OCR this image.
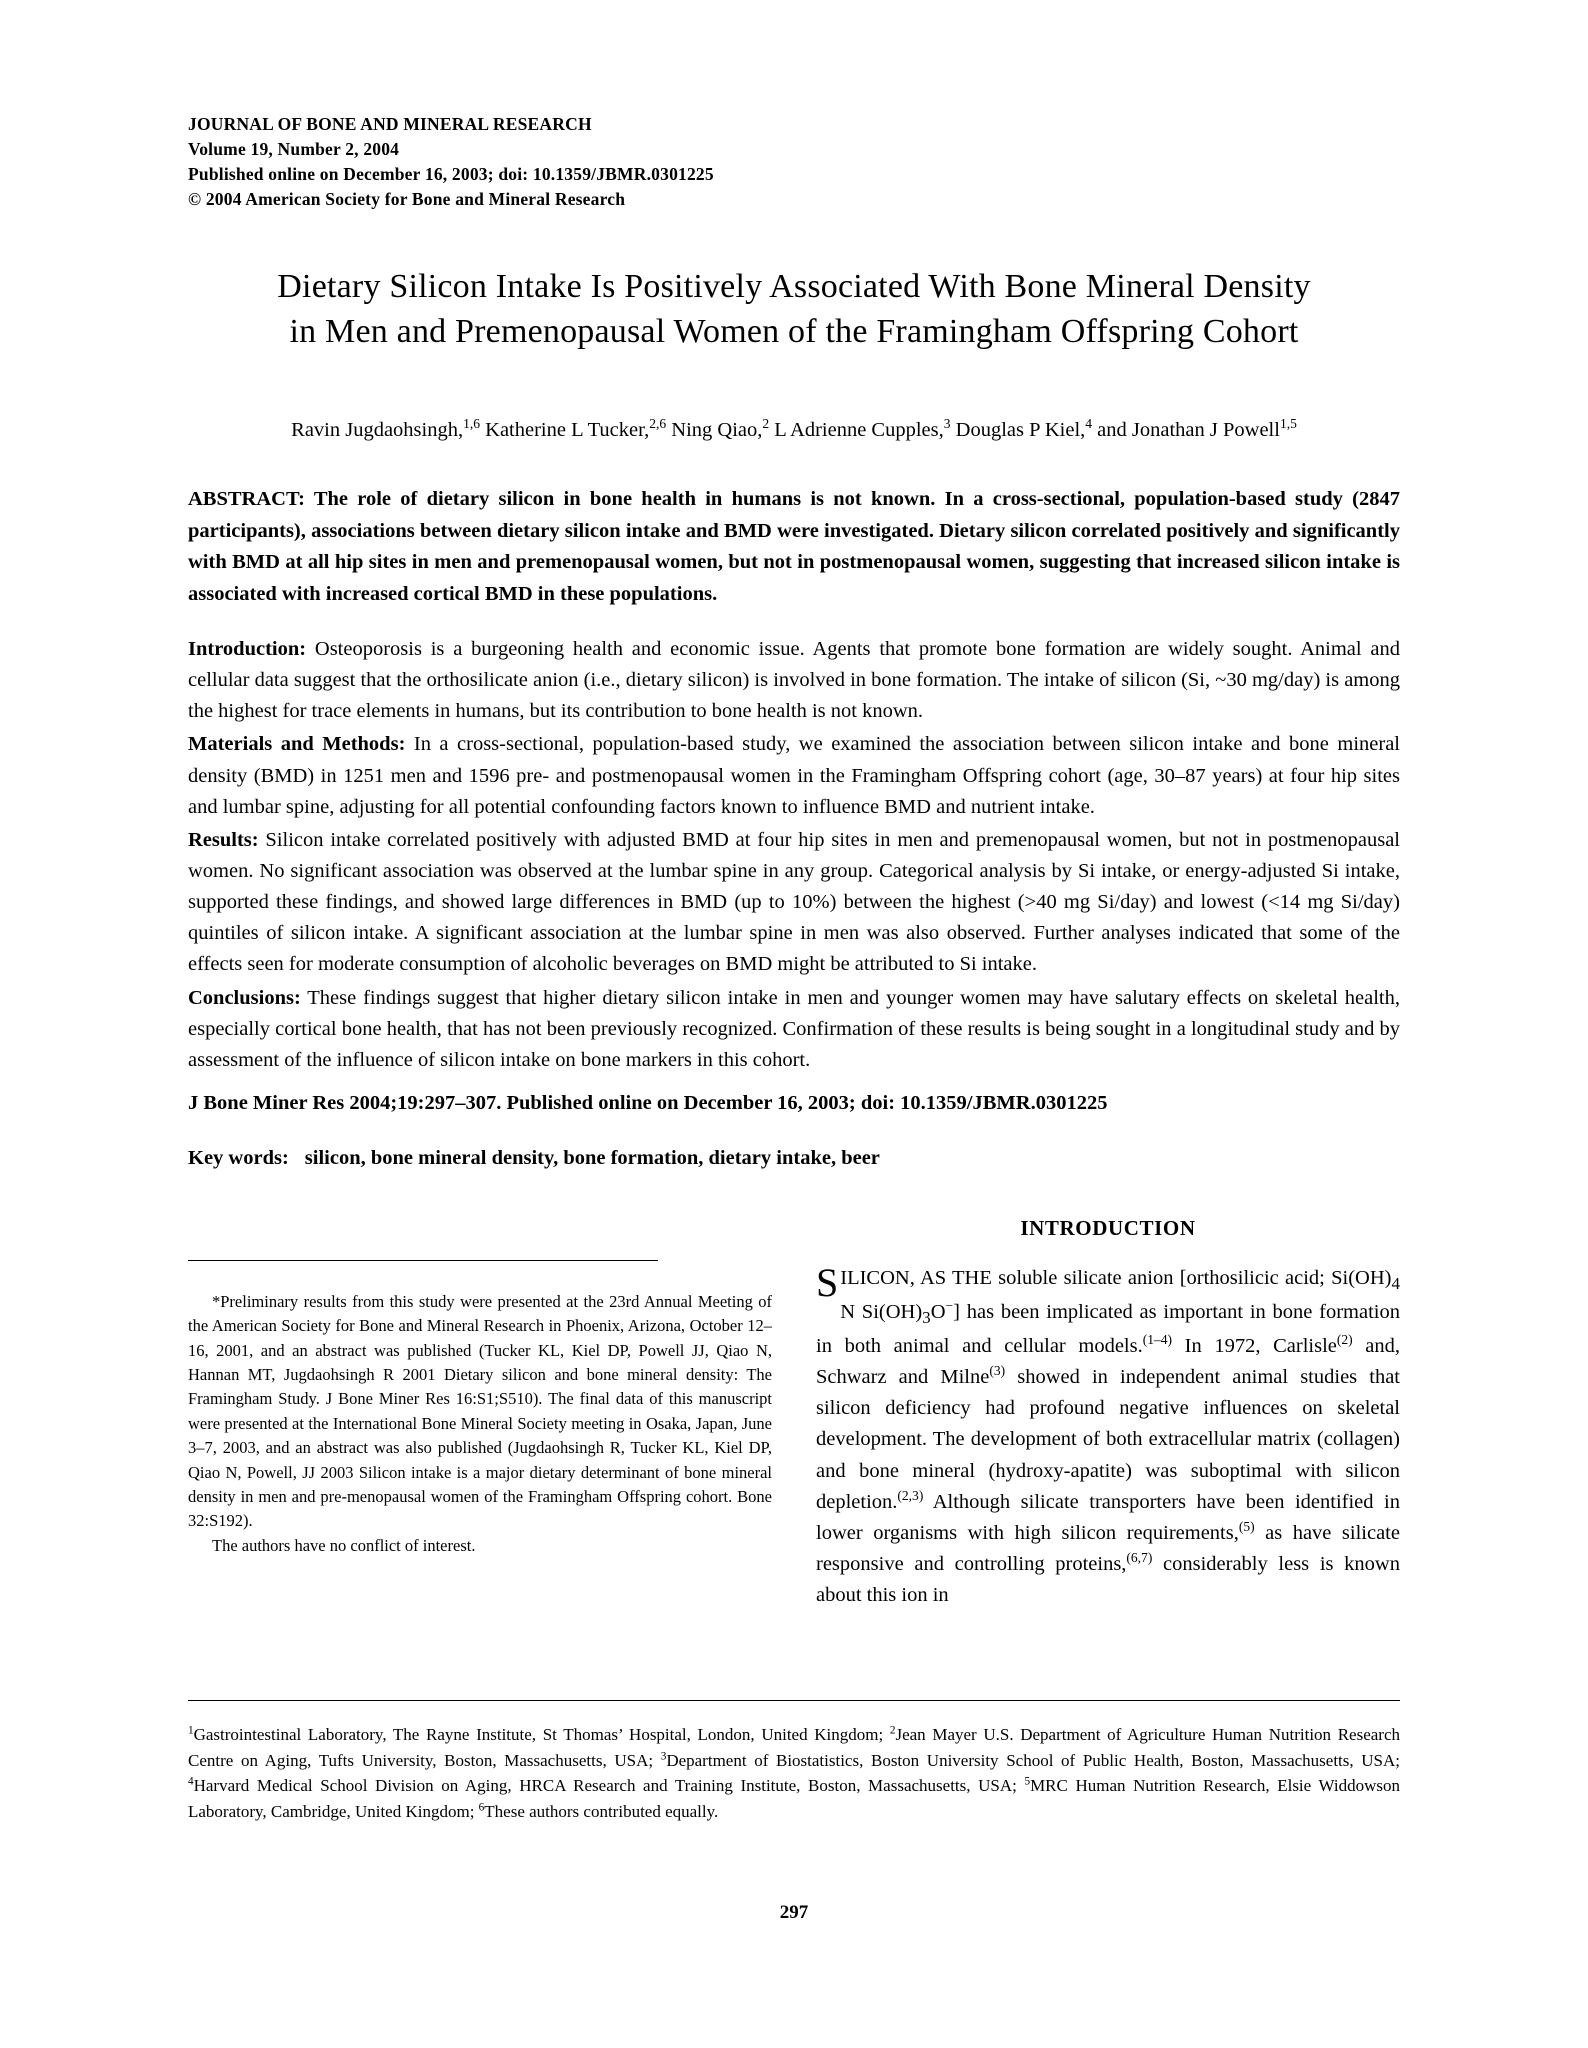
JOURNAL OF BONE AND MINERAL RESEARCH
Volume 19, Number 2, 2004
Published online on December 16, 2003; doi: 10.1359/JBMR.0301225
© 2004 American Society for Bone and Mineral Research
Dietary Silicon Intake Is Positively Associated With Bone Mineral Density
in Men and Premenopausal Women of the Framingham Offspring Cohort
Ravin Jugdaohsingh,$^{1,6}$ Katherine L Tucker,$^{2,6}$ Ning Qiao,$^2$ L Adrienne Cupples,$^3$ Douglas P Kiel,$^4$ and Jonathan J Powell$^{1,5}$
ABSTRACT: The role of dietary silicon in bone health in humans is not known. In a cross-sectional, population-based study (2847 participants), associations between dietary silicon intake and BMD were investigated. Dietary silicon correlated positively and significantly with BMD at all hip sites in men and premenopausal women, but not in postmenopausal women, suggesting that increased silicon intake is associated with increased cortical BMD in these populations.

Introduction: Osteoporosis is a burgeoning health and economic issue. Agents that promote bone formation are widely sought. Animal and cellular data suggest that the orthosilicate anion (i.e., dietary silicon) is involved in bone formation. The intake of silicon (Si, ~30 mg/day) is among the highest for trace elements in humans, but its contribution to bone health is not known.

Materials and Methods: In a cross-sectional, population-based study, we examined the association between silicon intake and bone mineral density (BMD) in 1251 men and 1596 pre- and postmenopausal women in the Framingham Offspring cohort (age, 30–87 years) at four hip sites and lumbar spine, adjusting for all potential confounding factors known to influence BMD and nutrient intake.

Results: Silicon intake correlated positively with adjusted BMD at four hip sites in men and premenopausal women, but not in postmenopausal women. No significant association was observed at the lumbar spine in any group. Categorical analysis by Si intake, or energy-adjusted Si intake, supported these findings, and showed large differences in BMD (up to 10%) between the highest (>40 mg Si/day) and lowest (<14 mg Si/day) quintiles of silicon intake. A significant association at the lumbar spine in men was also observed. Further analyses indicated that some of the effects seen for moderate consumption of alcoholic beverages on BMD might be attributed to Si intake.

Conclusions: These findings suggest that higher dietary silicon intake in men and younger women may have salutary effects on skeletal health, especially cortical bone health, that has not been previously recognized. Confirmation of these results is being sought in a longitudinal study and by assessment of the influence of silicon intake on bone markers in this cohort.

J Bone Miner Res 2004;19:297–307. Published online on December 16, 2003; doi: 10.1359/JBMR.0301225
Key words: silicon, bone mineral density, bone formation, dietary intake, beer

*Preliminary results from this study were presented at the 23rd Annual Meeting of the American Society for Bone and Mineral Research in Phoenix, Arizona, October 12–16, 2001, and an abstract was published (Tucker KL, Kiel DP, Powell JJ, Qiao N, Hannan MT, Jugdaohsingh R 2001 Dietary silicon and bone mineral density: The Framingham Study. J Bone Miner Res 16:S1;S510). The final data of this manuscript were presented at the International Bone Mineral Society meeting in Osaka, Japan, June 3–7, 2003, and an abstract was also published (Jugdaohsingh R, Tucker KL, Kiel DP, Qiao N, Powell, JJ 2003 Silicon intake is a major dietary determinant of bone mineral density in men and pre-menopausal women of the Framingham Offspring cohort. Bone 32:S192).

The authors have no conflict of interest.

INTRODUCTION
SILICON, AS THE soluble silicate anion [orthosilicic acid; $Si(OH)_4$ N $Si(OH)_3O^-$] has been implicated as important in bone formation in both animal and cellular models.$^{(1-4)}$ In 1972, Carlisle$^{(2)}$ and, Schwarz and Milne$^{(3)}$ showed in independent animal studies that silicon deficiency had profound negative influences on skeletal development. The development of both extracellular matrix (collagen) and bone mineral (hydroxy-apatite) was suboptimal with silicon depletion.$^{(2,3)}$ Although silicate transporters have been identified in lower organisms with high silicon requirements,$^{(5)}$ as have silicate responsive and controlling proteins,$^{(6,7)}$ considerably less is known about this ion in
$^1$Gastrointestinal Laboratory, The Rayne Institute, St Thomas’ Hospital, London, United Kingdom; $^2$Jean Mayer U.S. Department of Agriculture Human Nutrition Research Centre on Aging, Tufts University, Boston, Massachusetts, USA; $^3$Department of Biostatistics, Boston University School of Public Health, Boston, Massachusetts, USA; $^4$Harvard Medical School Division on Aging, HRCA Research and Training Institute, Boston, Massachusetts, USA; $^5$MRC Human Nutrition Research, Elsie Widdowson Laboratory, Cambridge, United Kingdom; $^6$These authors contributed equally.
297
